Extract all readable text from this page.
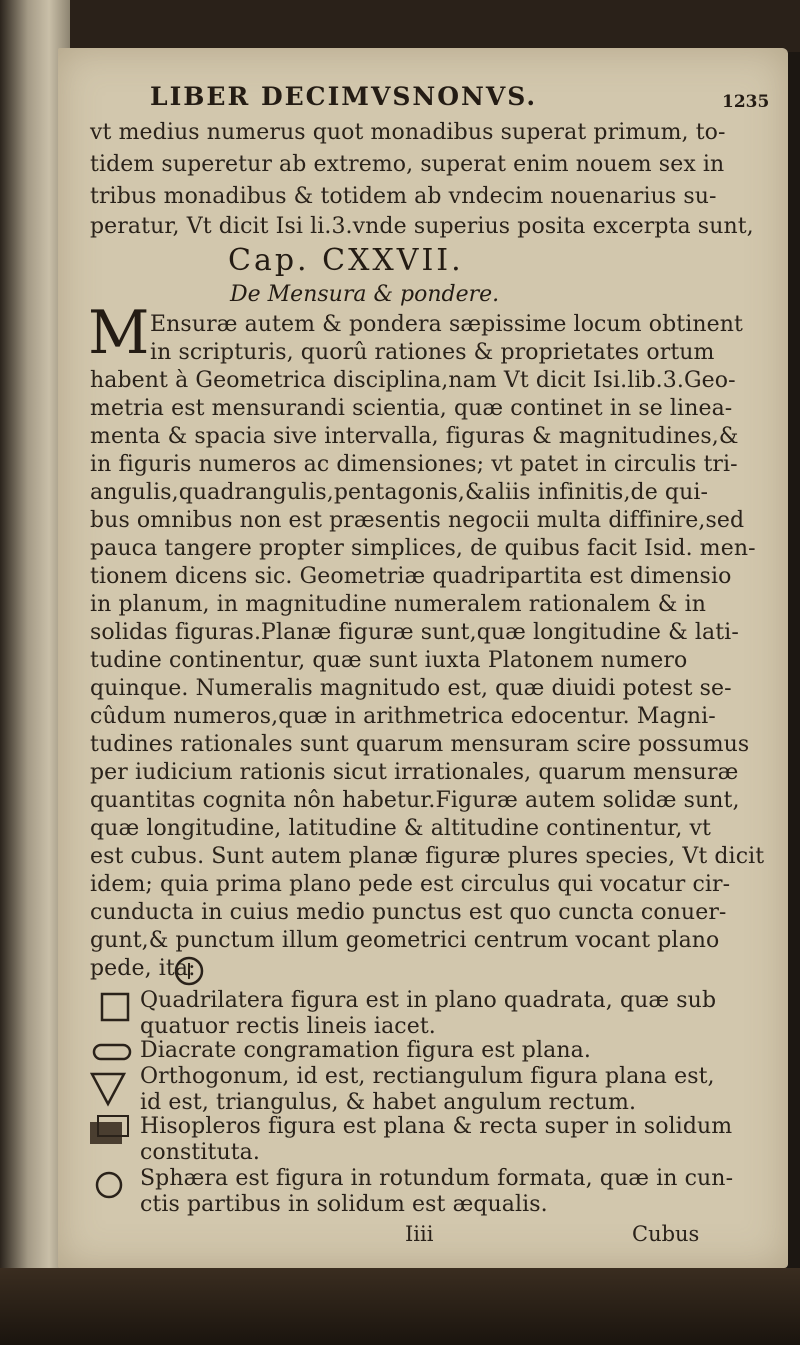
LIBER DECIMVSNONVS.	1235
vt medius numerus quot monadibus superat primum, to-
tidem superetur ab extremo, superat enim nouem sex in
tribus monadibus & totidem ab vndecim nouenarius su-
peratur, Vt dicit Isi li.3.vnde superius posita excerpta sunt,
Cap. CXXVII.
De Mensura & pondere.
M Ensuræ autem & pondera sæpissime locum obtinent
in scripturis, quorû rationes & proprietates ortum
habent à Geometrica disciplina,nam Vt dicit Isi.lib.3.Geo-
metria est mensurandi scientia, quæ continet in se linea-
menta & spacia sive intervalla, figuras & magnitudines,&
in figuris numeros ac dimensiones; vt patet in circulis tri-
angulis,quadrangulis,pentagonis,&aliis infinitis,de qui-
bus omnibus non est præsentis negocii multa diffinire,sed
pauca tangere propter simplices, de quibus facit Isid. men-
tionem dicens sic. Geometriæ quadripartita est dimensio
in planum, in magnitudine numeralem rationalem & in
solidas figuras.Planæ figuræ sunt,quæ longitudine & lati-
tudine continentur, quæ sunt iuxta Platonem numero
quinque. Numeralis magnitudo est, quæ diuidi potest se-
cûdum numeros,quæ in arithmetrica edocentur. Magni-
tudines rationales sunt quarum mensuram scire possumus
per iudicium rationis sicut irrationales, quarum mensuræ
quantitas cognita nôn habetur.Figuræ autem solidæ sunt,
quæ longitudine, latitudine & altitudine continentur, vt
est cubus. Sunt autem planæ figuræ plures species, Vt dicit
idem; quia prima plano pede est circulus qui vocatur cir-
cunducta in cuius medio punctus est quo cuncta conuer-
gunt,& punctum illum geometrici centrum vocant plano
pede, ita:
Quadrilatera figura est in plano quadrata, quæ sub
quatuor rectis lineis iacet.
Diacrate congramation figura est plana.
Orthogonum, id est, rectiangulum figura plana est,
id est, triangulus, & habet angulum rectum.
Hisopleros figura est plana & recta super in solidum
constituta.
Sphæra est figura in rotundum formata, quæ in cun-
ctis partibus in solidum est æqualis.
Iiii	Cubus
